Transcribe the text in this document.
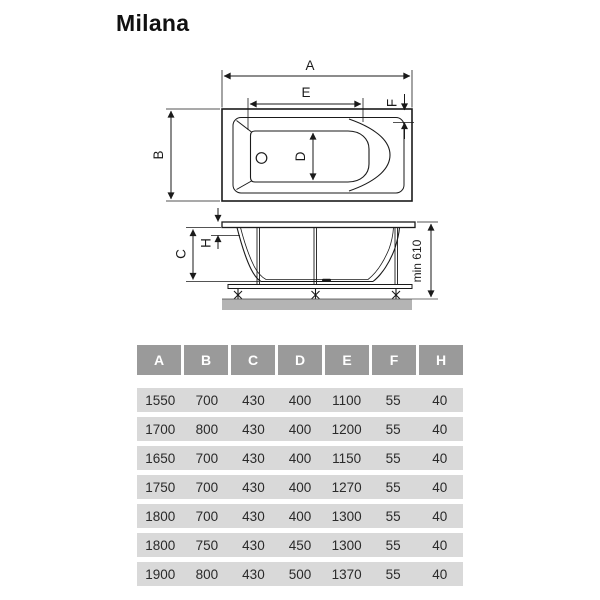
Milana
A
E
B	D
F
H
C	min 610
A	B	C	D	E	F	H
1550	700	430	400	1100	55	40
1700	800	430	400	1200	55	40
1650	700	430	400	1150	55	40
1750	700	430	400	1270	55	40
1800	700	430	400	1300	55	40
1800	750	430	450	1300	55	40
1900	800	430	500	1370	55	40
